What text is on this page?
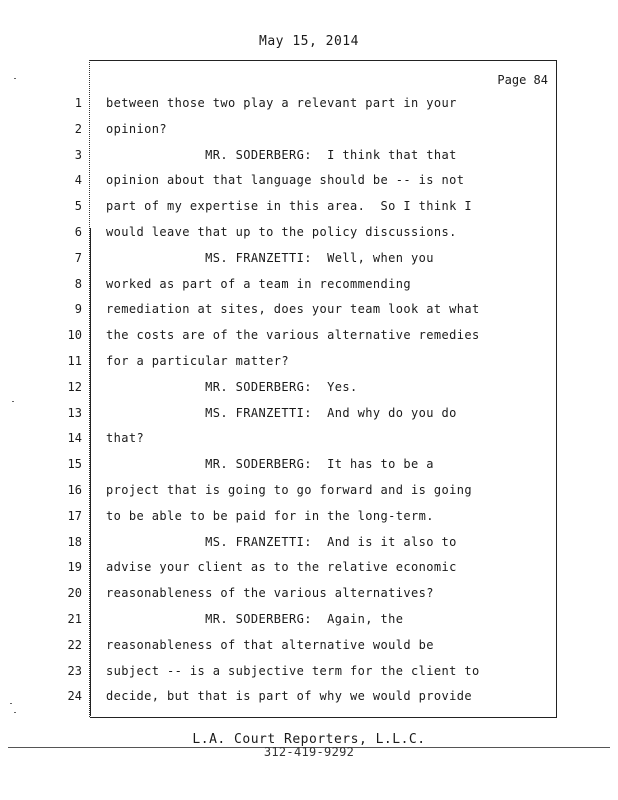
May 15, 2014
Page 84
1 between those two play a relevant part in your
2 opinion?
3 MR. SODERBERG:  I think that that
4 opinion about that language should be -- is not
5 part of my expertise in this area.  So I think I
6 would leave that up to the policy discussions.
7 MS. FRANZETTI:  Well, when you
8 worked as part of a team in recommending
9 remediation at sites, does your team look at what
10 the costs are of the various alternative remedies
11 for a particular matter?
12 MR. SODERBERG:  Yes.
13 MS. FRANZETTI:  And why do you do
14 that?
15 MR. SODERBERG:  It has to be a
16 project that is going to go forward and is going
17 to be able to be paid for in the long-term.
18 MS. FRANZETTI:  And is it also to
19 advise your client as to the relative economic
20 reasonableness of the various alternatives?
21 MR. SODERBERG:  Again, the
22 reasonableness of that alternative would be
23 subject -- is a subjective term for the client to
24 decide, but that is part of why we would provide
L.A. Court Reporters, L.L.C.
312-419-9292
